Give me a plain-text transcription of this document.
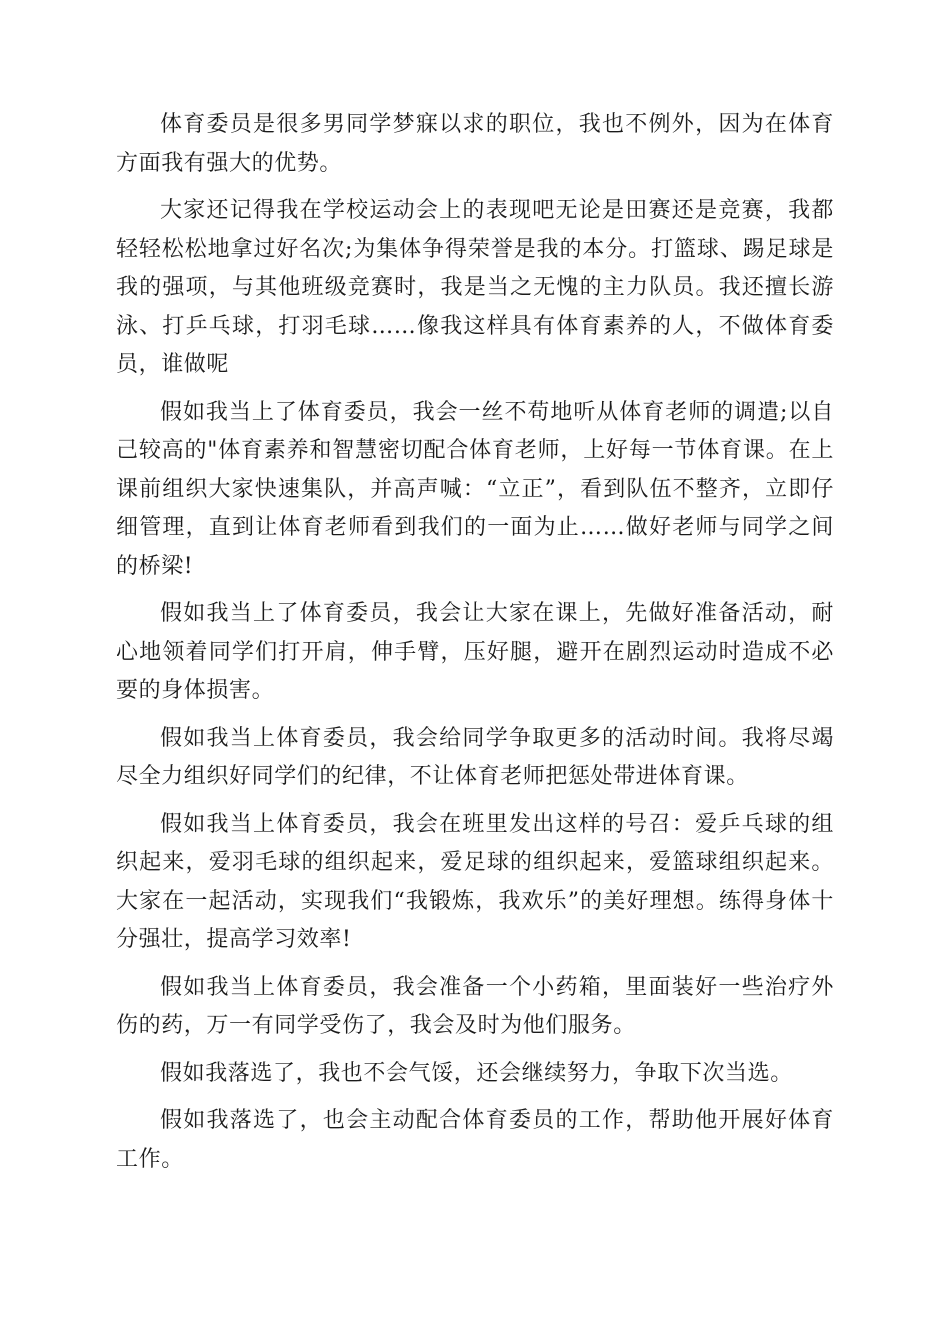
体育委员是很多男同学梦寐以求的职位，我也不例外，因为在体育方面我有强大的优势。

大家还记得我在学校运动会上的表现吧无论是田赛还是竞赛，我都轻轻松松地拿过好名次;为集体争得荣誉是我的本分。打篮球、踢足球是我的强项，与其他班级竞赛时，我是当之无愧的主力队员。我还擅长游泳、打乒乓球，打羽毛球……像我这样具有体育素养的人，不做体育委员，谁做呢

假如我当上了体育委员，我会一丝不苟地听从体育老师的调遣;以自己较高的"体育素养和智慧密切配合体育老师，上好每一节体育课。在上课前组织大家快速集队，并高声喊：“立正”，看到队伍不整齐，立即仔细管理，直到让体育老师看到我们的一面为止……做好老师与同学之间的桥梁!

假如我当上了体育委员，我会让大家在课上，先做好准备活动，耐心地领着同学们打开肩，伸手臂，压好腿，避开在剧烈运动时造成不必要的身体损害。

假如我当上体育委员，我会给同学争取更多的活动时间。我将尽竭尽全力组织好同学们的纪律，不让体育老师把惩处带进体育课。

假如我当上体育委员，我会在班里发出这样的号召：爱乒乓球的组织起来，爱羽毛球的组织起来，爱足球的组织起来，爱篮球组织起来。大家在一起活动，实现我们“我锻炼，我欢乐”的美好理想。练得身体十分强壮，提高学习效率!

假如我当上体育委员，我会准备一个小药箱，里面装好一些治疗外伤的药，万一有同学受伤了，我会及时为他们服务。

假如我落选了，我也不会气馁，还会继续努力，争取下次当选。

假如我落选了，也会主动配合体育委员的工作，帮助他开展好体育工作。
